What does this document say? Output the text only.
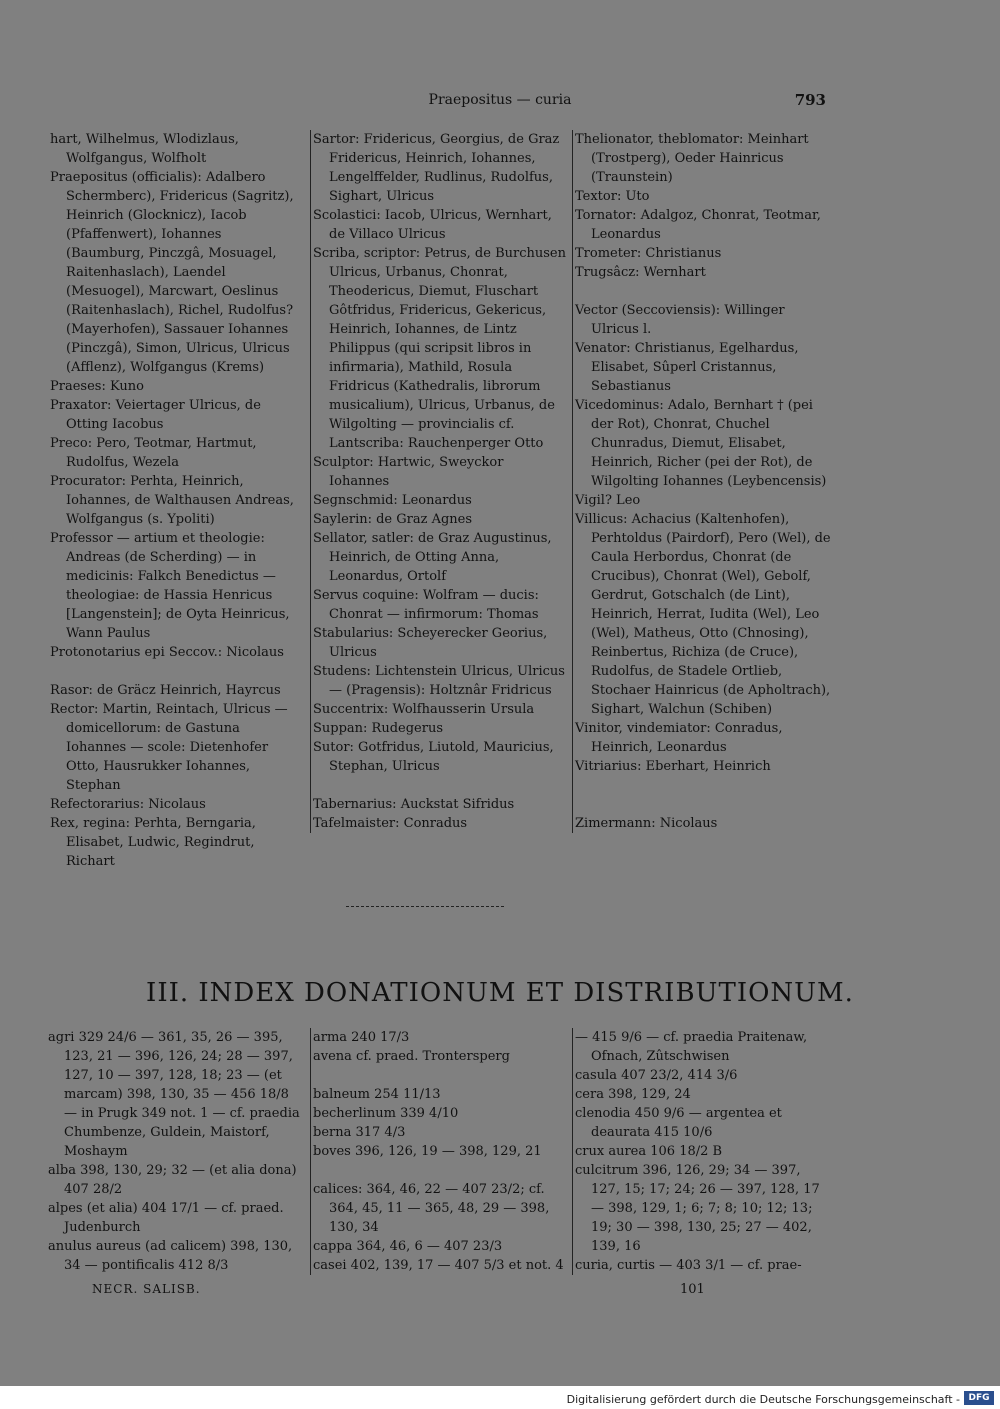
Praepositus — curia	793
hart, Wilhelmus, Wlodizlaus, Wolfgangus, Wolfholt
Praepositus (officialis): Adalbero Schermberc), Fridericus (Sagritz), Heinrich (Glocknicz), Iacob (Pfaffenwert), Iohannes (Baumburg, Pinczgâ, Mosuagel, Raitenhaslach), Laendel (Mesuogel), Marcwart, Oeslinus (Raitenhaslach), Richel, Rudolfus? (Mayerhofen), Sassauer Iohannes (Pinczgâ), Simon, Ulricus, Ulricus (Afflenz), Wolfgangus (Krems)
Praeses: Kuno
Praxator: Veiertager Ulricus, de Otting Iacobus
Preco: Pero, Teotmar, Hartmut, Rudolfus, Wezela
Procurator: Perhta, Heinrich, Iohannes, de Walthausen Andreas, Wolfgangus (s. Ypoliti)
Professor — artium et theologie: Andreas (de Scherding) — in medicinis: Falkch Benedictus — theologiae: de Hassia Henricus [Langenstein]; de Oyta Heinricus, Wann Paulus
Protonotarius epi Seccov.: Nicolaus
Rasor: de Gräcz Heinrich, Hayrcus
Rector: Martin, Reintach, Ulricus — domicellorum: de Gastuna Iohannes — scole: Dietenhofer Otto, Hausrukker Iohannes, Stephan
Refectorarius: Nicolaus
Rex, regina: Perhta, Berngaria, Elisabet, Ludwic, Regindrut, Richart
Sartor: Fridericus, Georgius, de Graz Fridericus, Heinrich, Iohannes, Lengelffelder, Rudlinus, Rudolfus, Sighart, Ulricus
Scolastici: Iacob, Ulricus, Wernhart, de Villaco Ulricus
Scriba, scriptor: Petrus, de Burchusen Ulricus, Urbanus, Chonrat, Theodericus, Diemut, Fluschart Gôtfridus, Fridericus, Gekericus, Heinrich, Iohannes, de Lintz Philippus (qui scripsit libros in infirmaria), Mathild, Rosula Fridricus (Kathedralis, librorum musicalium), Ulricus, Urbanus, de Wilgolting — provincialis cf. Lantscriba: Rauchenperger Otto
Sculptor: Hartwic, Sweyckor Iohannes
Segnschmid: Leonardus
Saylerin: de Graz Agnes
Sellator, satler: de Graz Augustinus, Heinrich, de Otting Anna, Leonardus, Ortolf
Servus coquine: Wolfram — ducis: Chonrat — infirmorum: Thomas
Stabularius: Scheyerecker Georius, Ulricus
Studens: Lichtenstein Ulricus, Ulricus — (Pragensis): Holtznâr Fridricus
Succentrix: Wolfhausserin Ursula
Suppan: Rudegerus
Sutor: Gotfridus, Liutold, Mauricius, Stephan, Ulricus
Tabernarius: Auckstat Sifridus
Tafelmaister: Conradus
Thelionator, theblomator: Meinhart (Trostperg), Oeder Hainricus (Traunstein)
Textor: Uto
Tornator: Adalgoz, Chonrat, Teotmar, Leonardus
Trometer: Christianus
Trugsâcz: Wernhart
Vector (Seccoviensis): Willinger Ulricus l.
Venator: Christianus, Egelhardus, Elisabet, Sûperl Cristannus, Sebastianus
Vicedominus: Adalo, Bernhart † (pei der Rot), Chonrat, Chuchel Chunradus, Diemut, Elisabet, Heinrich, Richer (pei der Rot), de Wilgolting Iohannes (Leybencensis)
Vigil? Leo
Villicus: Achacius (Kaltenhofen), Perhtoldus (Pairdorf), Pero (Wel), de Caula Herbordus, Chonrat (de Crucibus), Chonrat (Wel), Gebolf, Gerdrut, Gotschalch (de Lint), Heinrich, Herrat, Iudita (Wel), Leo (Wel), Matheus, Otto (Chnosing), Reinbertus, Richiza (de Cruce), Rudolfus, de Stadele Ortlieb, Stochaer Hainricus (de Apholtrach), Sighart, Walchun (Schiben)
Vinitor, vindemiator: Conradus, Heinrich, Leonardus
Vitriarius: Eberhart, Heinrich
Zimermann: Nicolaus
III. INDEX DONATIONUM ET DISTRIBUTIONUM.
agri 329 24/6 — 361, 35, 26 — 395, 123, 21 — 396, 126, 24; 28 — 397, 127, 10 — 397, 128, 18; 23 — (et marcam) 398, 130, 35 — 456 18/8 — in Prugk 349 not. 1 — cf. praedia Chumbenze, Guldein, Maistorf, Moshaym
alba 398, 130, 29; 32 — (et alia dona) 407 28/2
alpes (et alia) 404 17/1 — cf. praed. Judenburch
anulus aureus (ad calicem) 398, 130, 34 — pontificalis 412 8/3
arma 240 17/3
avena cf. praed. Trontersperg
balneum 254 11/13
becherlinum 339 4/10
berna 317 4/3
boves 396, 126, 19 — 398, 129, 21
calices: 364, 46, 22 — 407 23/2; cf. 364, 45, 11 — 365, 48, 29 — 398, 130, 34
cappa 364, 46, 6 — 407 23/3
casei 402, 139, 17 — 407 5/3 et not. 4
— 415 9/6 — cf. praedia Praitenaw, Ofnach, Zûtschwisen
casula 407 23/2, 414 3/6
cera 398, 129, 24
clenodia 450 9/6 — argentea et deaurata 415 10/6
crux aurea 106 18/2 B
culcitrum 396, 126, 29; 34 — 397, 127, 15; 17; 24; 26 — 397, 128, 17 — 398, 129, 1; 6; 7; 8; 10; 12; 13; 19; 30 — 398, 130, 25; 27 — 402, 139, 16
curia, curtis — 403 3/1 — cf. prae-
NECR. SALISB.	101
Digitalisierung gefördert durch die Deutsche Forschungsgemeinschaft - DFG
